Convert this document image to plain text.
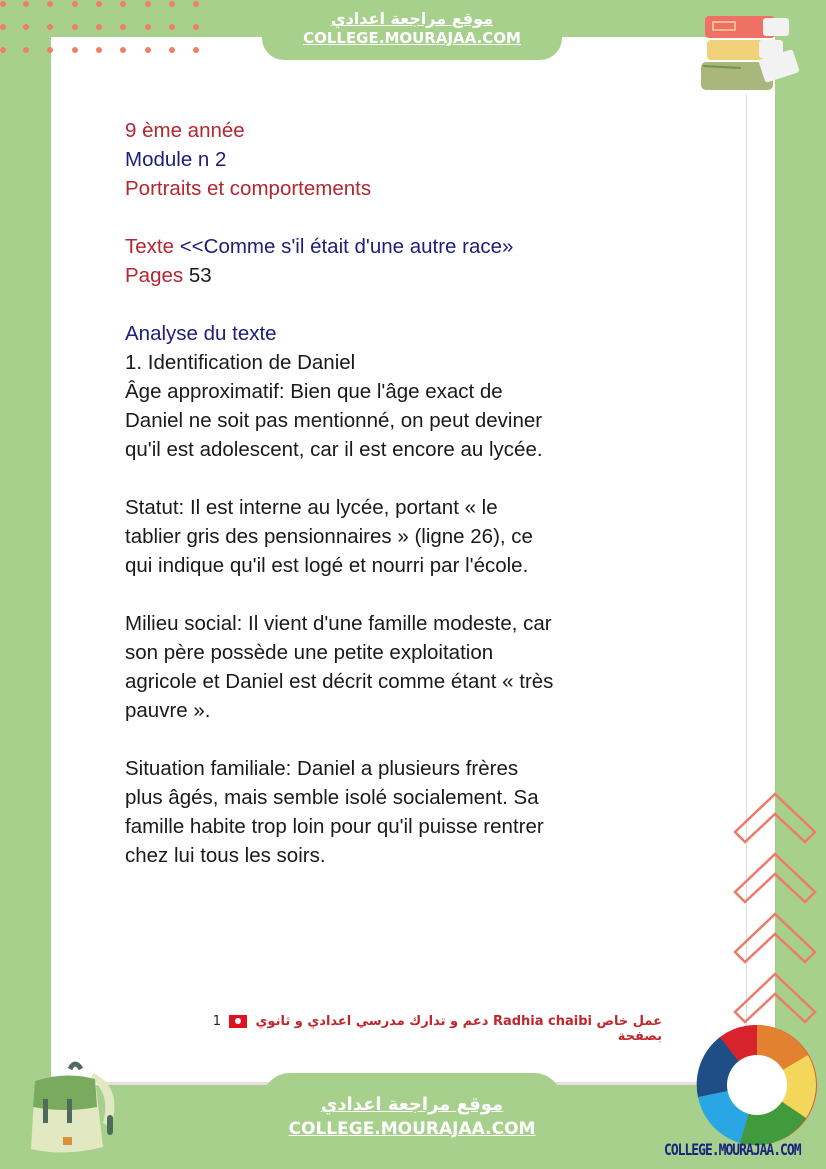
موقع مراجعة اعدادي
COLLEGE.MOURAJAA.COM
9 ème année
Module n 2
Portraits et comportements
Texte <<Comme s'il était d'une autre race»
Pages 53
Analyse du texte
1. Identification de Daniel
Âge approximatif: Bien que l'âge exact de
Daniel ne soit pas mentionné, on peut deviner
qu'il est adolescent, car il est encore au lycée.
Statut: Il est interne au lycée, portant « le
tablier gris des pensionnaires » (ligne 26), ce
qui indique qu'il est logé et nourri par l'école.
Milieu social: Il vient d'une famille modeste, car
son père possède une petite exploitation
agricole et Daniel est décrit comme étant « très
pauvre ».
Situation familiale: Daniel a plusieurs frères
plus âgés, mais semble isolé socialement. Sa
famille habite trop loin pour qu'il puisse rentrer
chez lui tous les soirs.
1	دعم و تدارك مدرسي اعدادي و ثانوي Radhia chaibi عمل خاص بصفحة
موقع مراجعة اعدادي
COLLEGE.MOURAJAA.COM
COLLEGE.MOURAJAA.COM
